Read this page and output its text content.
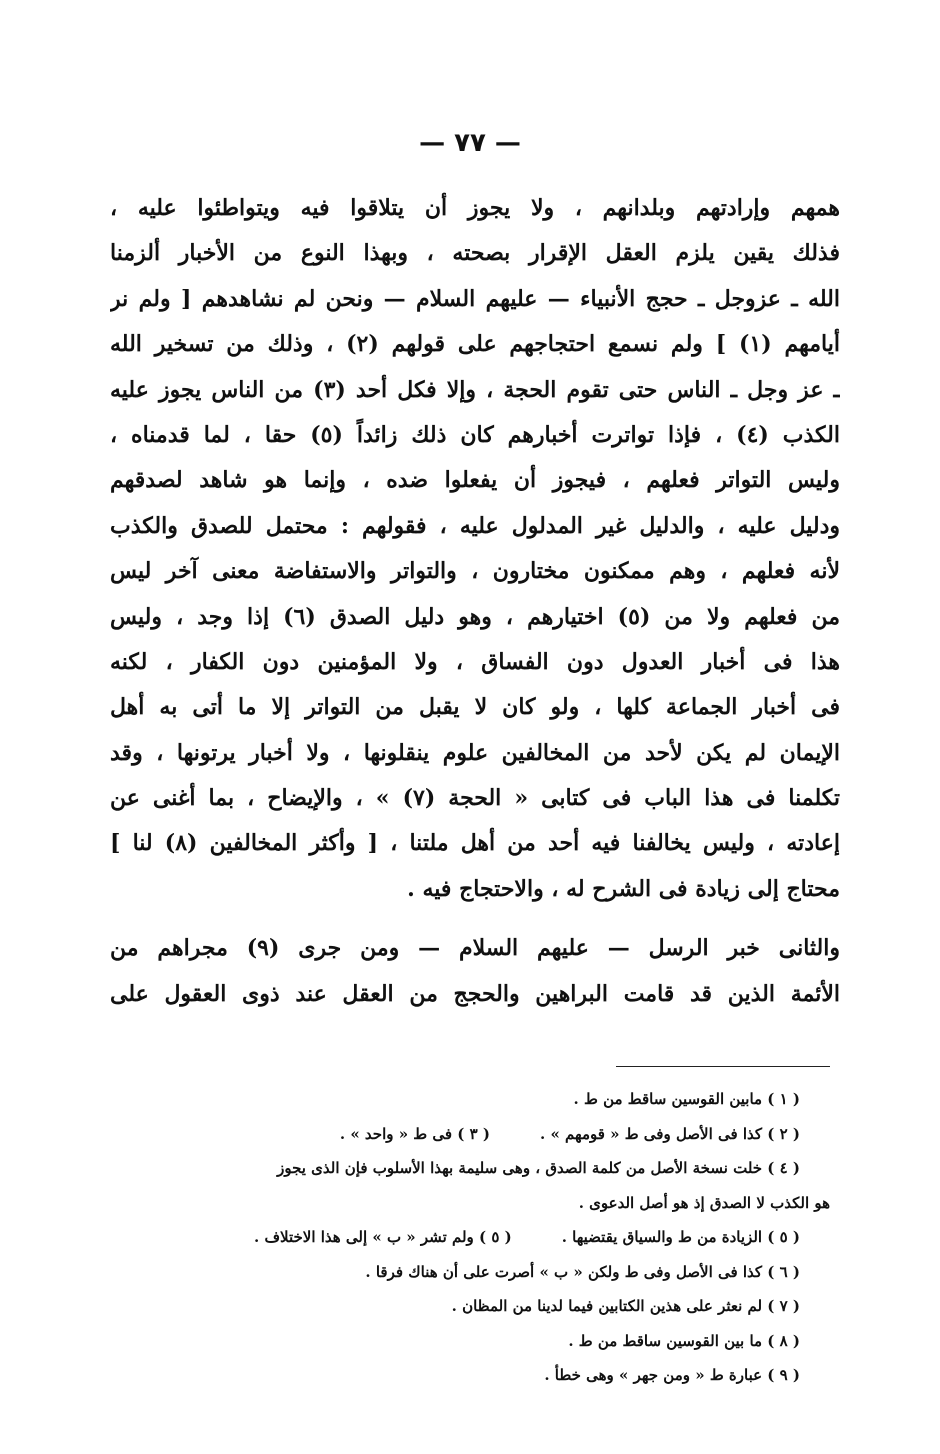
— ٧٧ —
همهم وإرادتهم وبلدانهم ، ولا يجوز أن يتلاقوا فيه ويتواطئوا عليه ،
فذلك يقين يلزم العقل الإقرار بصحته ، وبهذا النوع من الأخبار ألزمنا
الله ـ عزوجل ـ حجج الأنبياء — عليهم السلام — ونحن لم نشاهدهم [ ولم نر
أيامهم (١) ] ولم نسمع احتجاجهم على قولهم (٢) ، وذلك من تسخير الله
ـ عز وجل ـ الناس حتى تقوم الحجة ، وإلا فكل أحد (٣) من الناس يجوز عليه
الكذب (٤) ، فإذا تواترت أخبارهم كان ذلك زائداً (٥) حقا ، لما قدمناه ،
وليس التواتر فعلهم ، فيجوز أن يفعلوا ضده ، وإنما هو شاهد لصدقهم
ودليل عليه ، والدليل غير المدلول عليه ، فقولهم : محتمل للصدق والكذب
لأنه فعلهم ، وهم ممكنون مختارون ، والتواتر والاستفاضة معنى آخر ليس
من فعلهم ولا من (٥) اختيارهم ، وهو دليل الصدق (٦) إذا وجد ، وليس
هذا فى أخبار العدول دون الفساق ، ولا المؤمنين دون الكفار ، لكنه
فى أخبار الجماعة كلها ، ولو كان لا يقبل من التواتر إلا ما أتى به أهل
الإيمان لم يكن لأحد من المخالفين علوم ينقلونها ، ولا أخبار يرتونها ، وقد
تكلمنا فى هذا الباب فى كتابى « الحجة (٧) » ، والإيضاح ، بما أغنى عن
إعادته ، وليس يخالفنا فيه أحد من أهل ملتنا ، [ وأكثر المخالفين (٨) لنا ]
محتاج إلى زيادة فى الشرح له ، والاحتجاج فيه .
والثانى خبر الرسل — عليهم السلام — ومن جرى (٩) مجراهم من
الأئمة الذين قد قامت البراهين والحجج من العقل عند ذوى العقول على
( ١ ) مابين القوسين ساقط من ط .
( ٢ ) كذا فى الأصل وفى ط « قومهم » .( ٣ ) فى ط « واحد » .
( ٤ ) خلت نسخة الأصل من كلمة الصدق ، وهى سليمة بهذا الأسلوب فإن الذى يجوز
هو الكذب لا الصدق إذ هو أصل الدعوى .
( ٥ ) الزيادة من ط والسياق يقتضيها .( ٥ ) ولم تشر « ب » إلى هذا الاختلاف .
( ٦ ) كذا فى الأصل وفى ط ولكن « ب » أصرت على أن هناك فرقا .
( ٧ ) لم نعثر على هذين الكتابين فيما لدينا من المظان .
( ٨ ) ما بين القوسين ساقط من ط .
( ٩ ) عبارة ط « ومن جهر » وهى خطأ .
